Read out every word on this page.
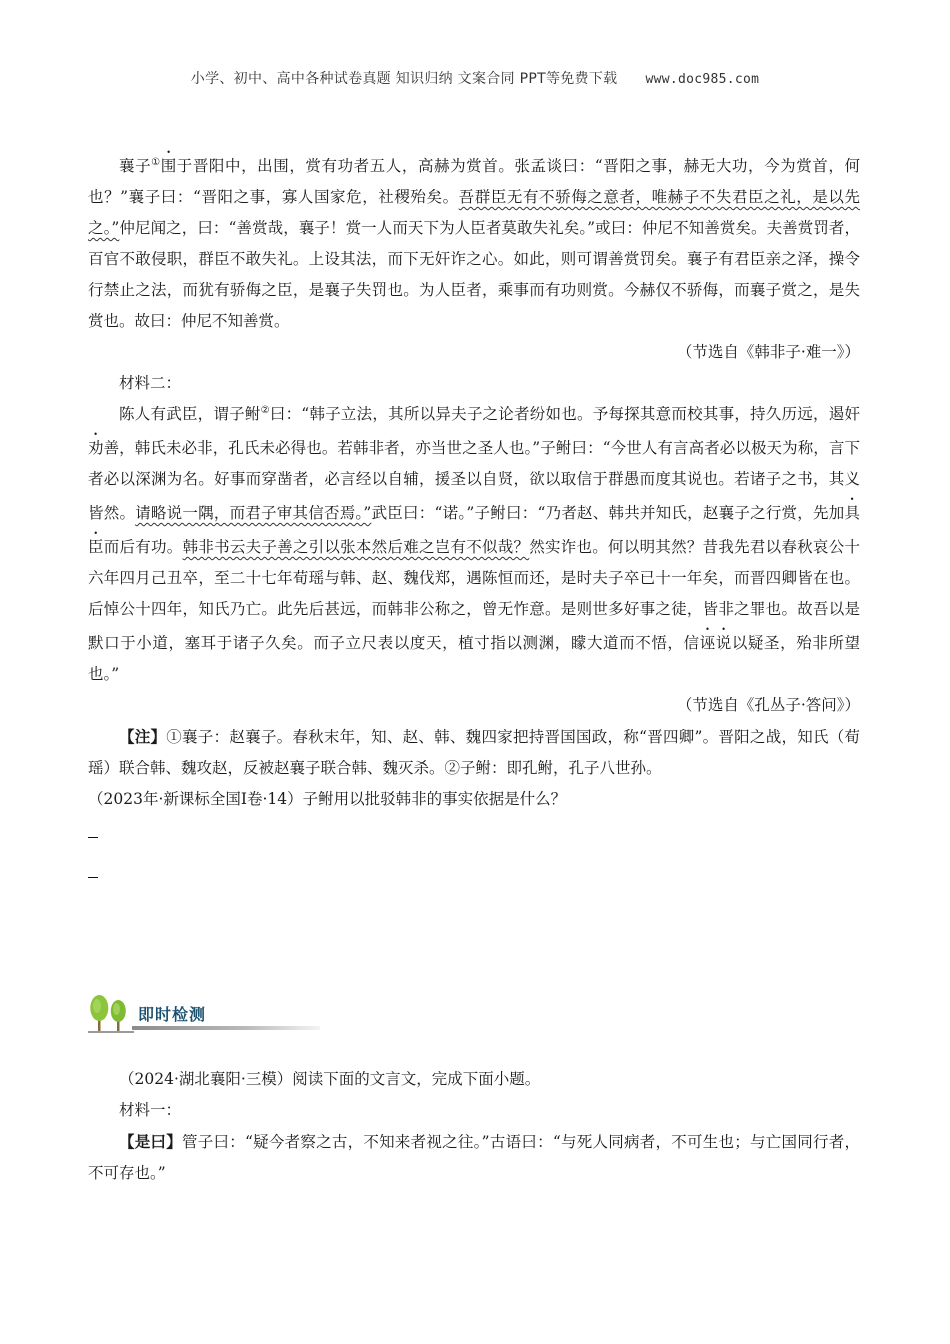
小学、初中、高中各种试卷真题 知识归纳 文案合同 PPT等免费下载 www.doc985.com

襄子①围于晋阳中，出围，赏有功者五人，高赫为赏首。张孟谈曰：“晋阳之事，赫无大功，今为赏首，何也？”襄子曰：“晋阳之事，寡人国家危，社稷殆矣。吾群臣无有不骄侮之意者，唯赫子不失君臣之礼，是以先之。”仲尼闻之，曰：“善赏哉，襄子！赏一人而天下为人臣者莫敢失礼矣。”或曰：仲尼不知善赏矣。夫善赏罚者，百官不敢侵职，群臣不敢失礼。上设其法，而下无奸诈之心。如此，则可谓善赏罚矣。襄子有君臣亲之泽，操令行禁止之法，而犹有骄侮之臣，是襄子失罚也。为人臣者，乘事而有功则赏。今赫仅不骄侮，而襄子赏之，是失赏也。故曰：仲尼不知善赏。

（节选自《韩非子·难一》）

材料二：

陈人有武臣，谓子鲋②曰：“韩子立法，其所以异夫子之论者纷如也。予每探其意而校其事，持久历远，遏奸劝善，韩氏未必非，孔氏未必得也。若韩非者，亦当世之圣人也。”子鲋曰：“今世人有言高者必以极天为称，言下者必以深渊为名。好事而穿凿者，必言经以自辅，援圣以自贤，欲以取信于群愚而度其说也。若诸子之书，其义皆然。请略说一隅，而君子审其信否焉。”武臣曰：“诺。”子鲋曰：“乃者赵、韩共并知氏，赵襄子之行赏，先加具臣而后有功。韩非书云夫子善之引以张本然后难之岂有不似哉？然实诈也。何以明其然？昔我先君以春秋哀公十六年四月己丑卒，至二十七年荀瑶与韩、赵、魏伐郑，遇陈恒而还，是时夫子卒已十一年矣，而晋四卿皆在也。后悼公十四年，知氏乃亡。此先后甚远，而韩非公称之，曾无怍意。是则世多好事之徒，皆非之罪也。故吾以是默口于小道，塞耳于诸子久矣。而子立尺表以度天，植寸指以测渊，矇大道而不悟，信诬说以疑圣，殆非所望也。”

（节选自《孔丛子·答问》）

【注】①襄子：赵襄子。春秋末年，知、赵、韩、魏四家把持晋国国政，称“晋四卿”。晋阳之战，知氏（荀瑶）联合韩、魏攻赵，反被赵襄子联合韩、魏灭杀。②子鲋：即孔鲋，孔子八世孙。

（2023年·新课标全国Ⅰ卷·14）子鲋用以批驳韩非的事实依据是什么？

即时检测

（2024·湖北襄阳·三模）阅读下面的文言文，完成下面小题。

材料一：

【是曰】管子曰：“疑今者察之古，不知来者视之往。”古语曰：“与死人同病者，不可生也；与亡国同行者，不可存也。”
